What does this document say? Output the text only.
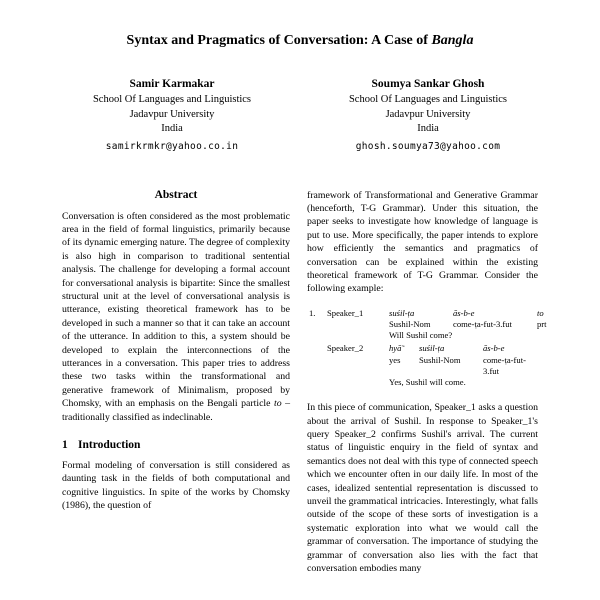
Syntax and Pragmatics of Conversation: A Case of Bangla
Samir Karmakar
School Of Languages and Linguistics
Jadavpur University
India
samirkrmkr@yahoo.co.in
Soumya Sankar Ghosh
School Of Languages and Linguistics
Jadavpur University
India
ghosh.soumya73@yahoo.com
Abstract
Conversation is often considered as the most problematic area in the field of formal linguistics, primarily because of its dynamic emerging nature. The degree of complexity is also high in comparison to traditional sentential analysis. The challenge for developing a formal account for conversational analysis is bipartite: Since the smallest structural unit at the level of conversational analysis is utterance, existing theoretical framework has to be developed in such a manner so that it can take an account of the utterance. In addition to this, a system should be developed to explain the interconnections of the utterances in a conversation. This paper tries to address these two tasks within the transformational and generative framework of Minimalism, proposed by Chomsky, with an emphasis on the Bengali particle to – traditionally classified as indeclinable.
1 Introduction
Formal modeling of conversation is still considered as daunting task in the fields of both computational and cognitive linguistics. In spite of the works by Chomsky (1986), the question of
framework of Transformational and Generative Grammar (henceforth, T-G Grammar). Under this situation, the paper seeks to investigate how knowledge of language is put to use. More specifically, the paper intends to explore how efficiently the semantics and pragmatics of conversation can be explained within the existing theoretical framework of T-G Grammar. Consider the following example:
1.	Speaker_1	suśil-ṭa	ās-b-e	to
Sushil-Nom	come-ṭa-fut-3.fut	prt
Will Sushil come?
Speaker_2	hyā̃	suśil-ṭa	ās-b-e
yes	Sushil-Nom	come-ṭa-fut-3.fut
Yes, Sushil will come.
In this piece of communication, Speaker_1 asks a question about the arrival of Sushil. In response to Speaker_1's query Speaker_2 confirms Sushil's arrival. The current status of linguistic enquiry in the field of syntax and semantics does not deal with this type of connected speech which we encounter often in our daily life. In most of the cases, idealized sentential representation is discussed to unveil the grammatical intricacies. Interestingly, what falls outside of the scope of these sorts of investigation is a systematic exploration into what we would call the grammar of conversation. The importance of studying the grammar of conversation also lies with the fact that conversation embodies many
